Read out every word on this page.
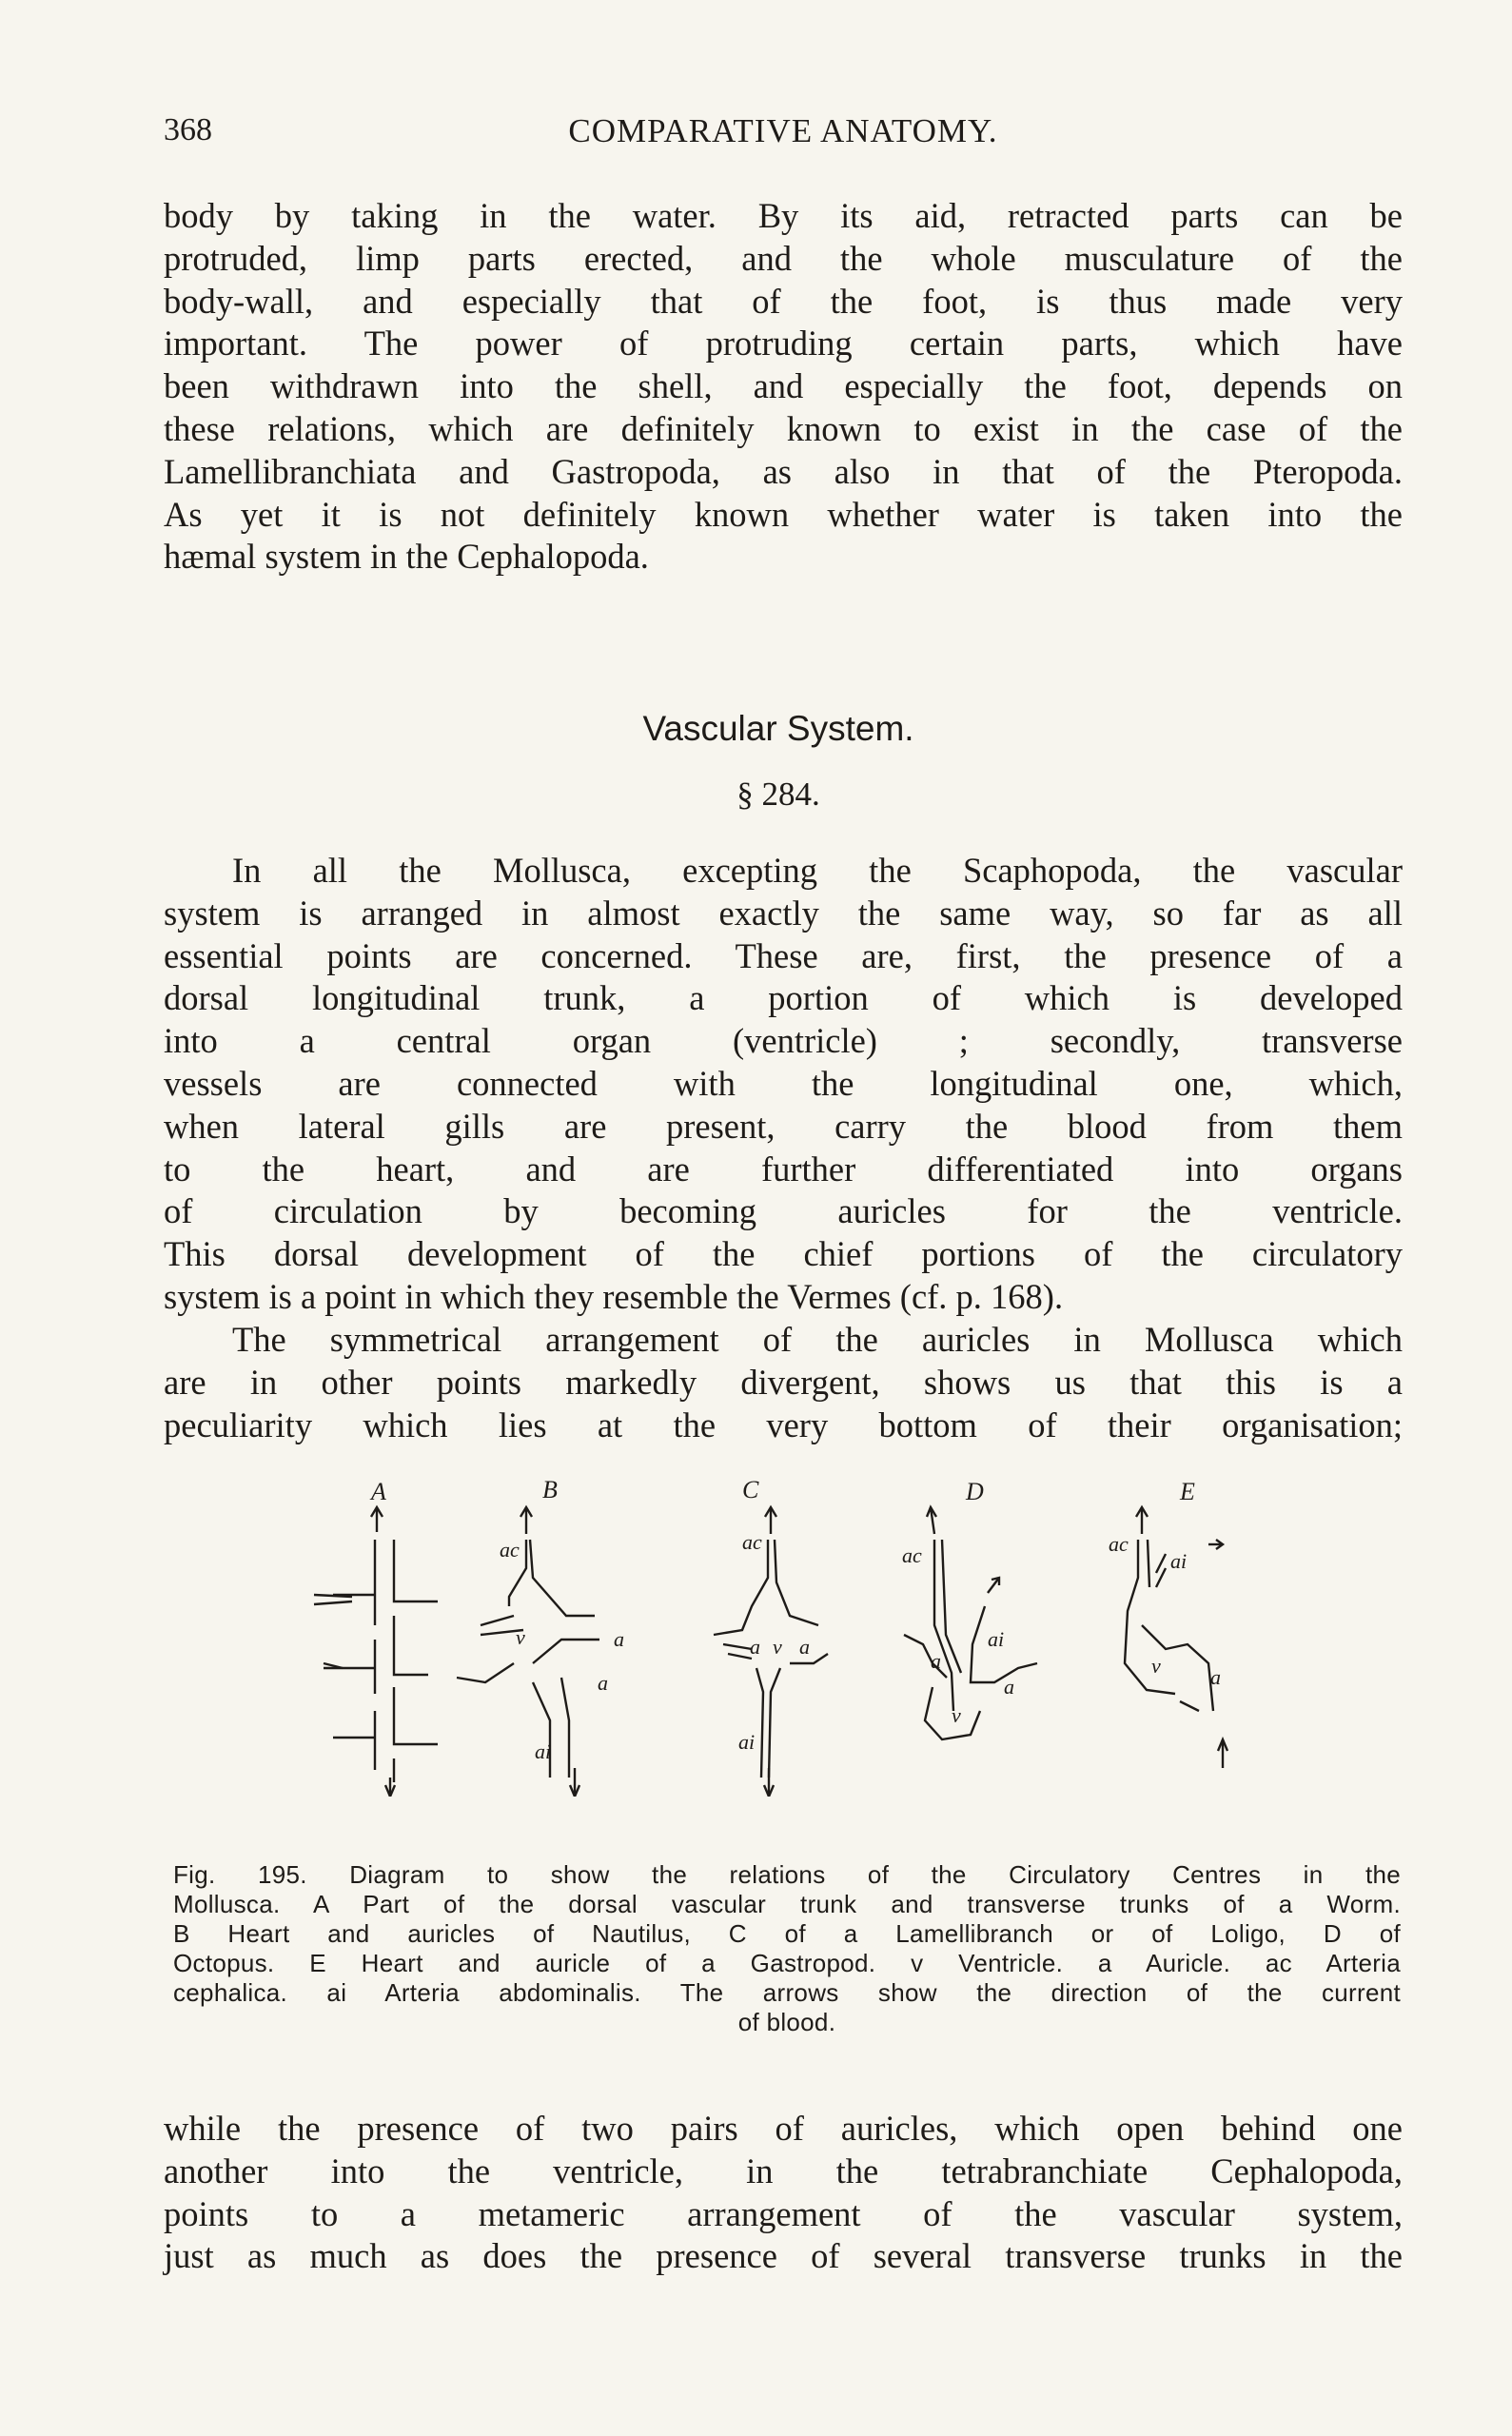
368	COMPARATIVE ANATOMY.

body by taking in the water. By its aid, retracted parts can be

protruded, limp parts erected, and the whole musculature of the

body-wall, and especially that of the foot, is thus made very

important. The power of protruding certain parts, which have

been withdrawn into the shell, and especially the foot, depends on

these relations, which are definitely known to exist in the case of the

Lamellibranchiata and Gastropoda, as also in that of the Pteropoda.

As yet it is not definitely known whether water is taken into the

hæmal system in the Cephalopoda.

Vascular System.
§ 284.

In all the Mollusca, excepting the Scaphopoda, the vascular

system is arranged in almost exactly the same way, so far as all

essential points are concerned. These are, first, the presence of a

dorsal longitudinal trunk, a portion of which is developed

into a central organ (ventricle) ; secondly, transverse

vessels are connected with the longitudinal one, which,

when lateral gills are present, carry the blood from them

to the heart, and are further differentiated into organs

of circulation by becoming auricles for the ventricle.

This dorsal development of the chief portions of the circulatory

system is a point in which they resemble the Vermes (cf. p. 168).

The symmetrical arrangement of the auricles in Mollusca which

are in other points markedly divergent, shows us that this is a

peculiarity which lies at the very bottom of their organisation;

A	B
ac
v	a
a
ai
C
ac
a v a
ai
D
ac
ai
a
a
v
E
ac
ai
v a

Fig. 195. Diagram to show the relations of the Circulatory Centres in the

Mollusca. A Part of the dorsal vascular trunk and transverse trunks of a Worm.

B Heart and auricles of Nautilus, C of a Lamellibranch or of Loligo, D of

Octopus. E Heart and auricle of a Gastropod. v Ventricle. a Auricle. ac Arteria

cephalica. ai Arteria abdominalis. The arrows show the direction of the current

of blood.

while the presence of two pairs of auricles, which open behind one

another into the ventricle, in the tetrabranchiate Cephalopoda,

points to a metameric arrangement of the vascular system,

just as much as does the presence of several transverse trunks in the
